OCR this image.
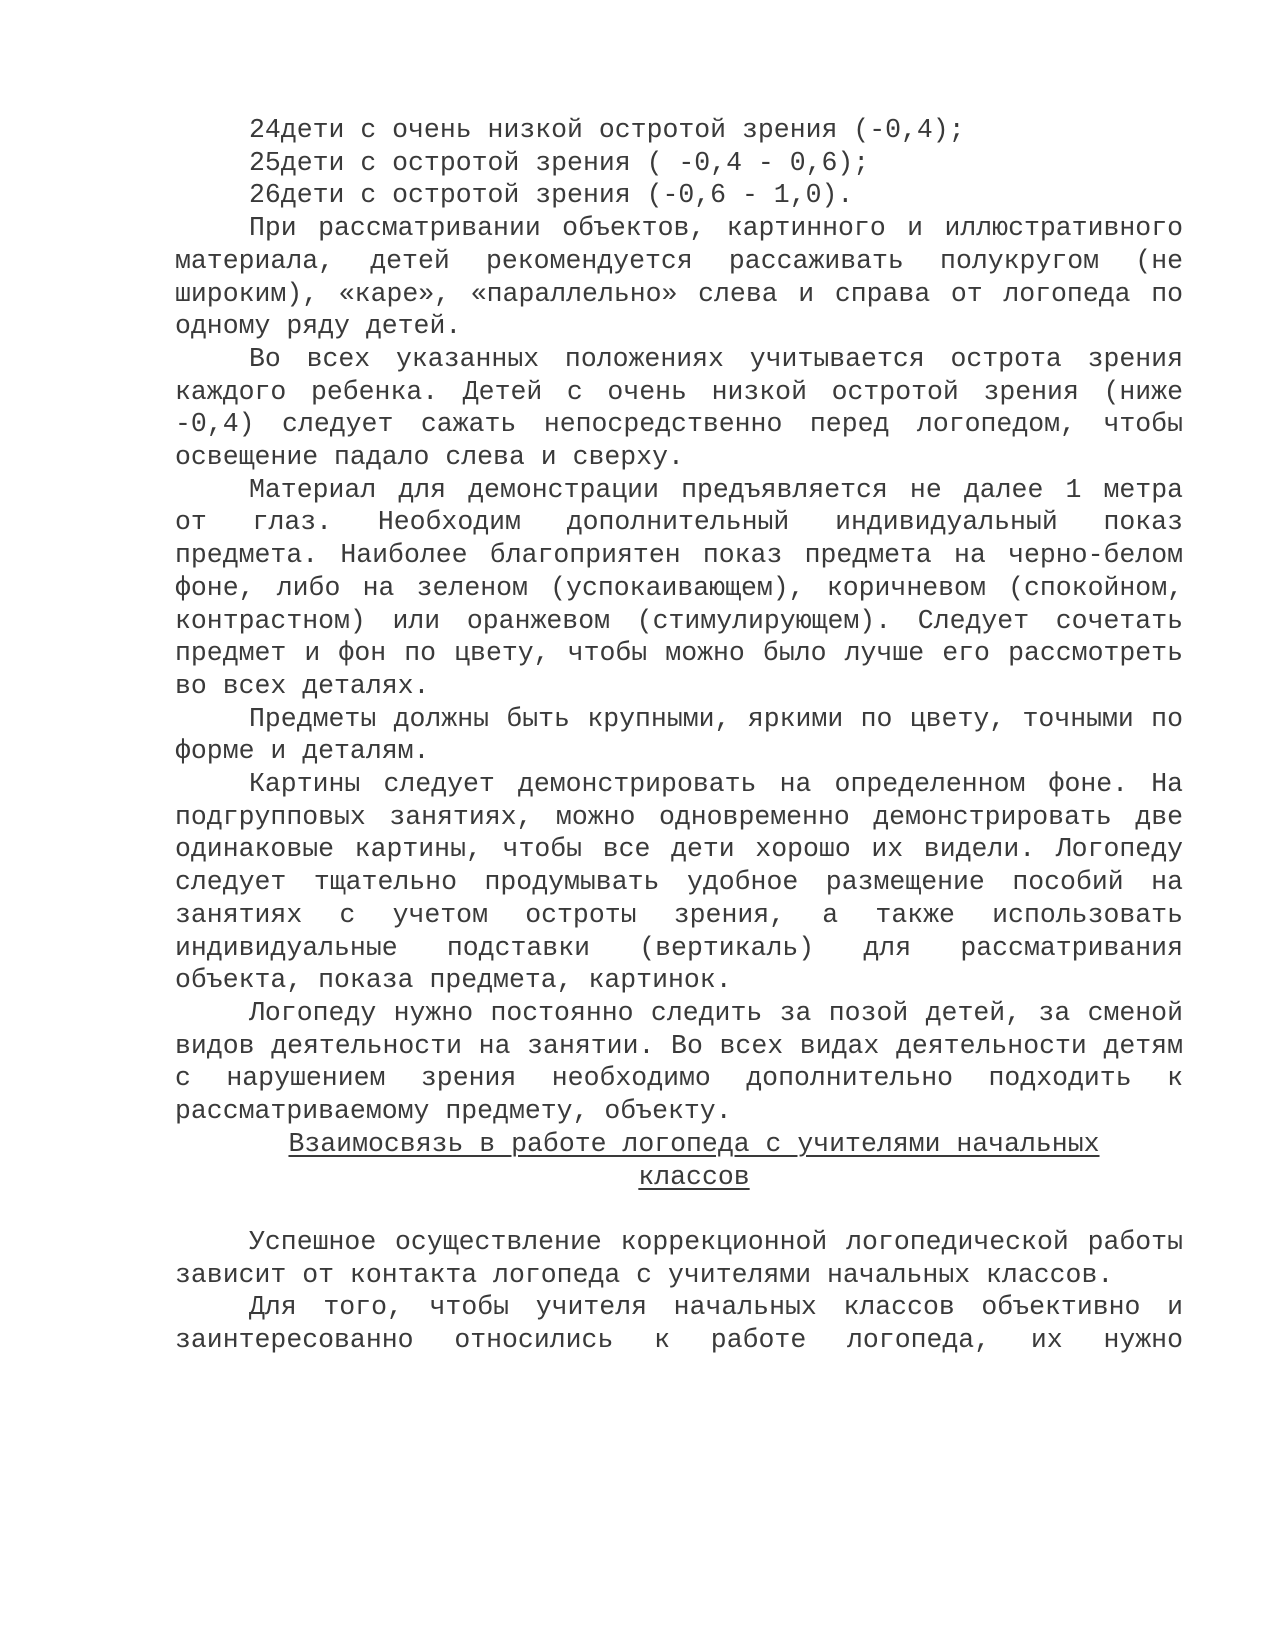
24дети с очень низкой остротой зрения (-0,4);
25дети с остротой зрения ( -0,4 - 0,6);
26дети с остротой зрения (-0,6 - 1,0).

При рассматривании объектов, картинного и иллюстративного материала, детей рекомендуется рассаживать полукругом (не широким), «каре», «параллельно» слева и справа от логопеда по одному ряду детей.

Во всех указанных положениях учитывается острота зрения каждого ребенка. Детей с очень низкой остротой зрения (ниже -0,4) следует сажать непосредственно перед логопедом, чтобы освещение падало слева и сверху.

Материал для демонстрации предъявляется не далее 1 метра от глаз. Необходим дополнительный индивидуальный показ предмета. Наиболее благоприятен показ предмета на черно-белом фоне, либо на зеленом (успокаивающем), коричневом (спокойном, контрастном) или оранжевом (стимулирующем). Следует сочетать предмет и фон по цвету, чтобы можно было лучше его рассмотреть во всех деталях.

Предметы должны быть крупными, яркими по цвету, точными по форме и деталям.

Картины следует демонстрировать на определенном фоне. На подгрупповых занятиях, можно одновременно демонстрировать две одинаковые картины, чтобы все дети хорошо их видели. Логопеду следует тщательно продумывать удобное размещение пособий на занятиях с учетом остроты зрения, а также использовать индивидуальные подставки (вертикаль) для рассматривания объекта, показа предмета, картинок.

Логопеду нужно постоянно следить за позой детей, за сменой видов деятельности на занятии. Во всех видах деятельности детям с нарушением зрения необходимо дополнительно подходить к рассматриваемому предмету, объекту.

Взаимосвязь в работе логопеда с учителями начальных

классов

Успешное осуществление коррекционной логопедической работы зависит от контакта логопеда с учителями начальных классов.

Для того, чтобы учителя начальных классов объективно и заинтересованно относились к работе логопеда, их нужно
